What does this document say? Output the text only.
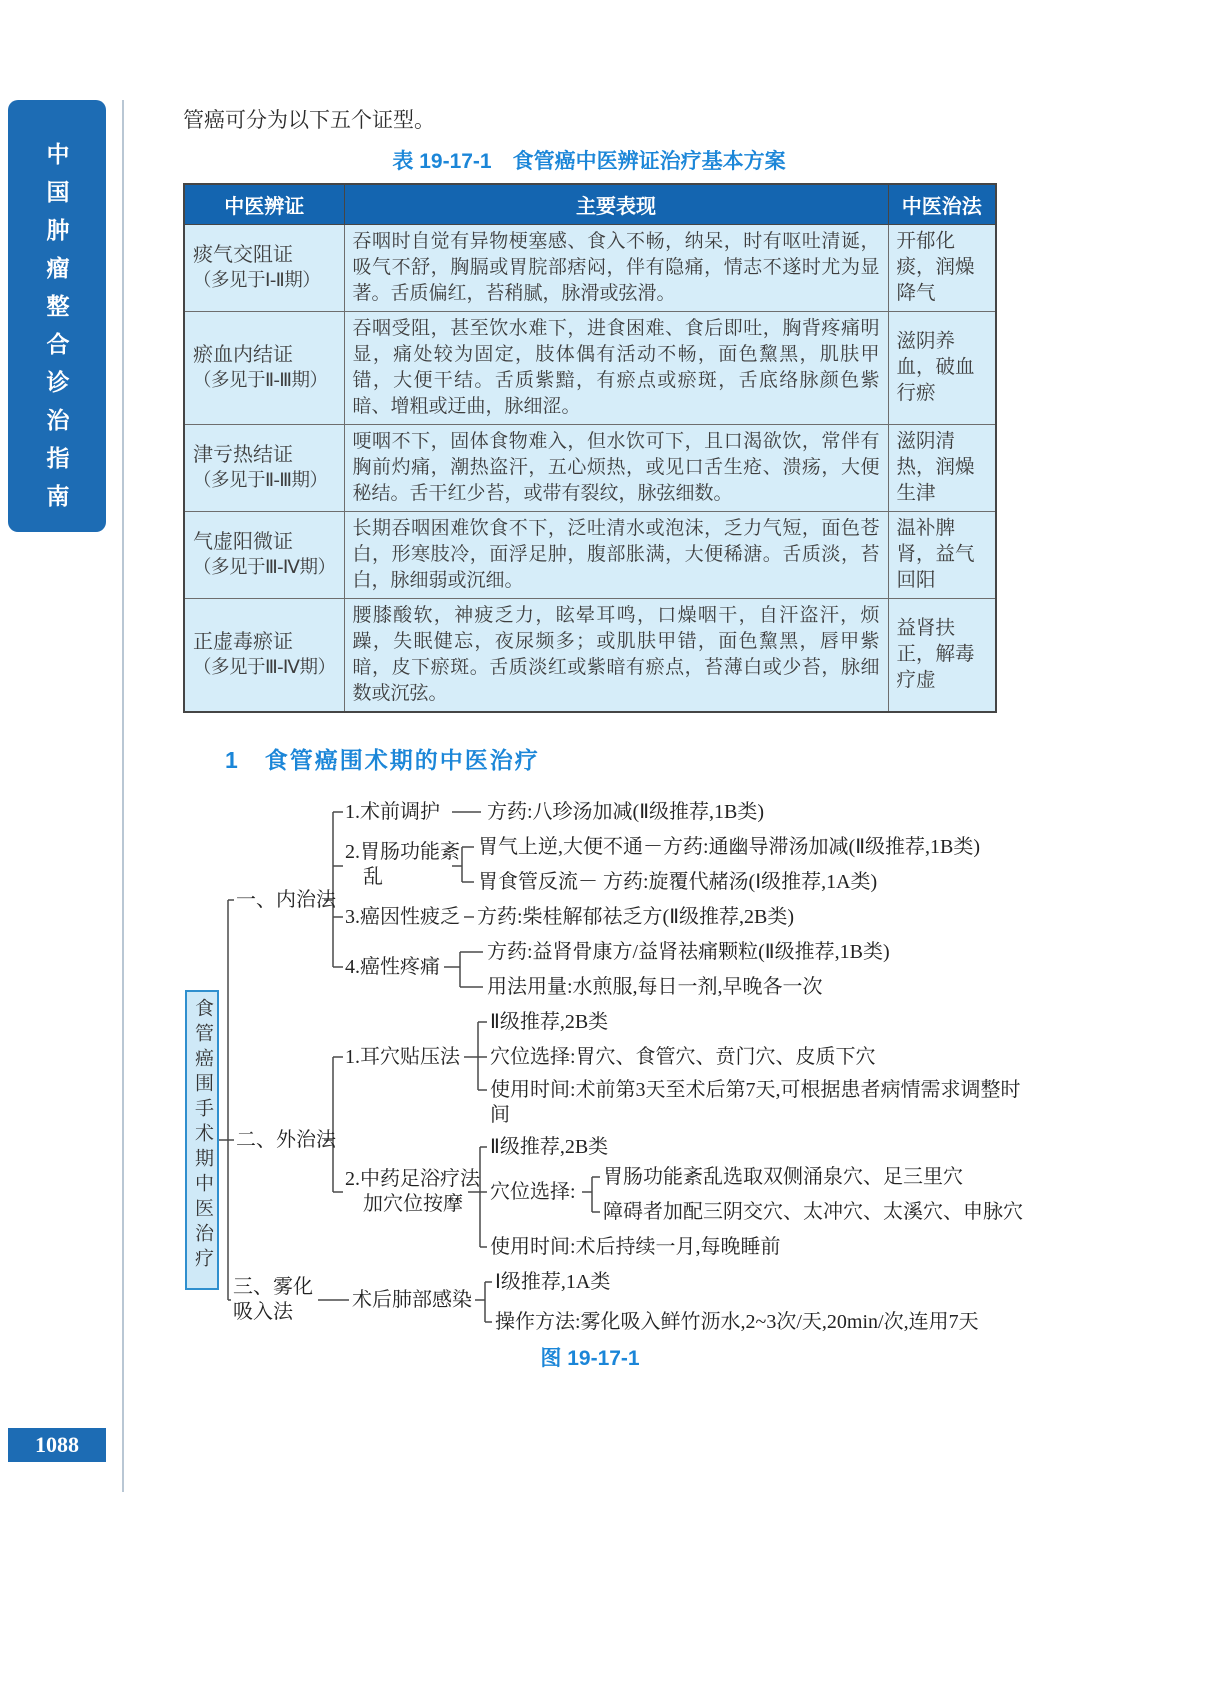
中国肿瘤整合诊治指南
1088
管癌可分为以下五个证型。
表 19-17-1　食管癌中医辨证治疗基本方案
中医辨证	主要表现	中医治法
痰气交阻证
（多见于Ⅰ-Ⅱ期）	吞咽时自觉有异物梗塞感、食入不畅，纳呆，时有呕吐清诞，吸气不舒，胸膈或胃脘部痞闷，伴有隐痛，情志不遂时尤为显著。舌质偏红，苔稍腻，脉滑或弦滑。	开郁化痰，润燥降气
瘀血内结证
（多见于Ⅱ-Ⅲ期）	吞咽受阻，甚至饮水难下，进食困难、食后即吐，胸背疼痛明显，痛处较为固定，肢体偶有活动不畅，面色黧黑，肌肤甲错，大便干结。舌质紫黯，有瘀点或瘀斑，舌底络脉颜色紫暗、增粗或迂曲，脉细涩。	滋阴养血，破血行瘀
津亏热结证
（多见于Ⅱ-Ⅲ期）	哽咽不下，固体食物难入，但水饮可下，且口渴欲饮，常伴有胸前灼痛，潮热盗汗，五心烦热，或见口舌生疮、溃疡，大便秘结。舌干红少苔，或带有裂纹，脉弦细数。	滋阴清热，润燥生津
气虚阳微证
（多见于Ⅲ-Ⅳ期）	长期吞咽困难饮食不下，泛吐清水或泡沫，乏力气短，面色苍白，形寒肢冷，面浮足肿，腹部胀满，大便稀溏。舌质淡，苔白，脉细弱或沉细。	温补脾肾，益气回阳
正虚毒瘀证
（多见于Ⅲ-Ⅳ期）	腰膝酸软，神疲乏力，眩晕耳鸣，口燥咽干，自汗盗汗，烦躁，失眠健忘，夜尿频多；或肌肤甲错，面色黧黑，唇甲紫暗，皮下瘀斑。舌质淡红或紫暗有瘀点，苔薄白或少苔，脉细数或沉弦。	益肾扶正，解毒疗虚
1　食管癌围术期的中医治疗
食管癌围手术期中医治疗
一、内治法
1.术前调护 方药:八珍汤加减(Ⅱ级推荐,1B类)
2.胃肠功能紊乱
胃气上逆,大便不通－方药:通幽导滞汤加减(Ⅱ级推荐,1B类)
胃食管反流－ 方药:旋覆代赭汤(Ⅰ级推荐,1A类)
3.癌因性疲乏 方药:柴桂解郁祛乏方(Ⅱ级推荐,2B类)
4.癌性疼痛
方药:益肾骨康方/益肾祛痛颗粒(Ⅱ级推荐,1B类)
用法用量:水煎服,每日一剂,早晚各一次
二、外治法
1.耳穴贴压法
Ⅱ级推荐,2B类
穴位选择:胃穴、食管穴、贲门穴、皮质下穴
使用时间:术前第3天至术后第7天,可根据患者病情需求调整时间
2.中药足浴疗法加穴位按摩
Ⅱ级推荐,2B类
穴位选择:
胃肠功能紊乱选取双侧涌泉穴、足三里穴
障碍者加配三阴交穴、太冲穴、太溪穴、申脉穴
使用时间:术后持续一月,每晚睡前
三、雾化吸入法
术后肺部感染
Ⅰ级推荐,1A类
操作方法:雾化吸入鲜竹沥水,2~3次/天,20min/次,连用7天
图 19-17-1
